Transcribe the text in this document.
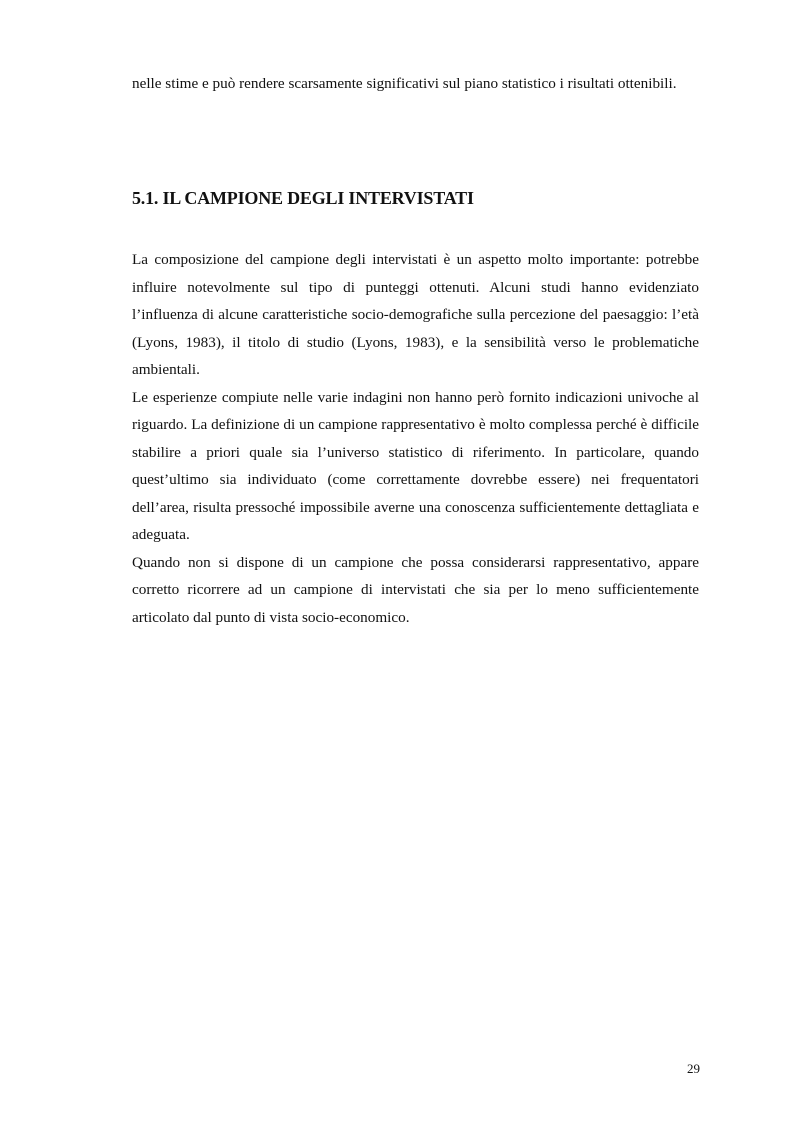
nelle stime e può rendere scarsamente significativi sul piano statistico i risultati ottenibili.

5.1. IL CAMPIONE DEGLI INTERVISTATI

La composizione del campione degli intervistati è un aspetto molto importante: potrebbe influire notevolmente sul tipo di punteggi ottenuti. Alcuni studi hanno evidenziato l’influenza di alcune caratteristiche socio-demografiche sulla percezione del paesaggio: l’età (Lyons, 1983), il titolo di studio (Lyons, 1983), e la sensibilità verso le problematiche ambientali.

Le esperienze compiute nelle varie indagini non hanno però fornito indicazioni univoche al riguardo. La definizione di un campione rappresentativo è molto complessa perché è difficile stabilire a priori quale sia l’universo statistico di riferimento. In particolare, quando quest’ultimo sia individuato (come correttamente dovrebbe essere) nei frequentatori dell’area, risulta pressoché impossibile averne una conoscenza sufficientemente dettagliata e adeguata.

Quando non si dispone di un campione che possa considerarsi rappresentativo, appare corretto ricorrere ad un campione di intervistati che sia per lo meno sufficientemente articolato dal punto di vista socio-economico.

29
